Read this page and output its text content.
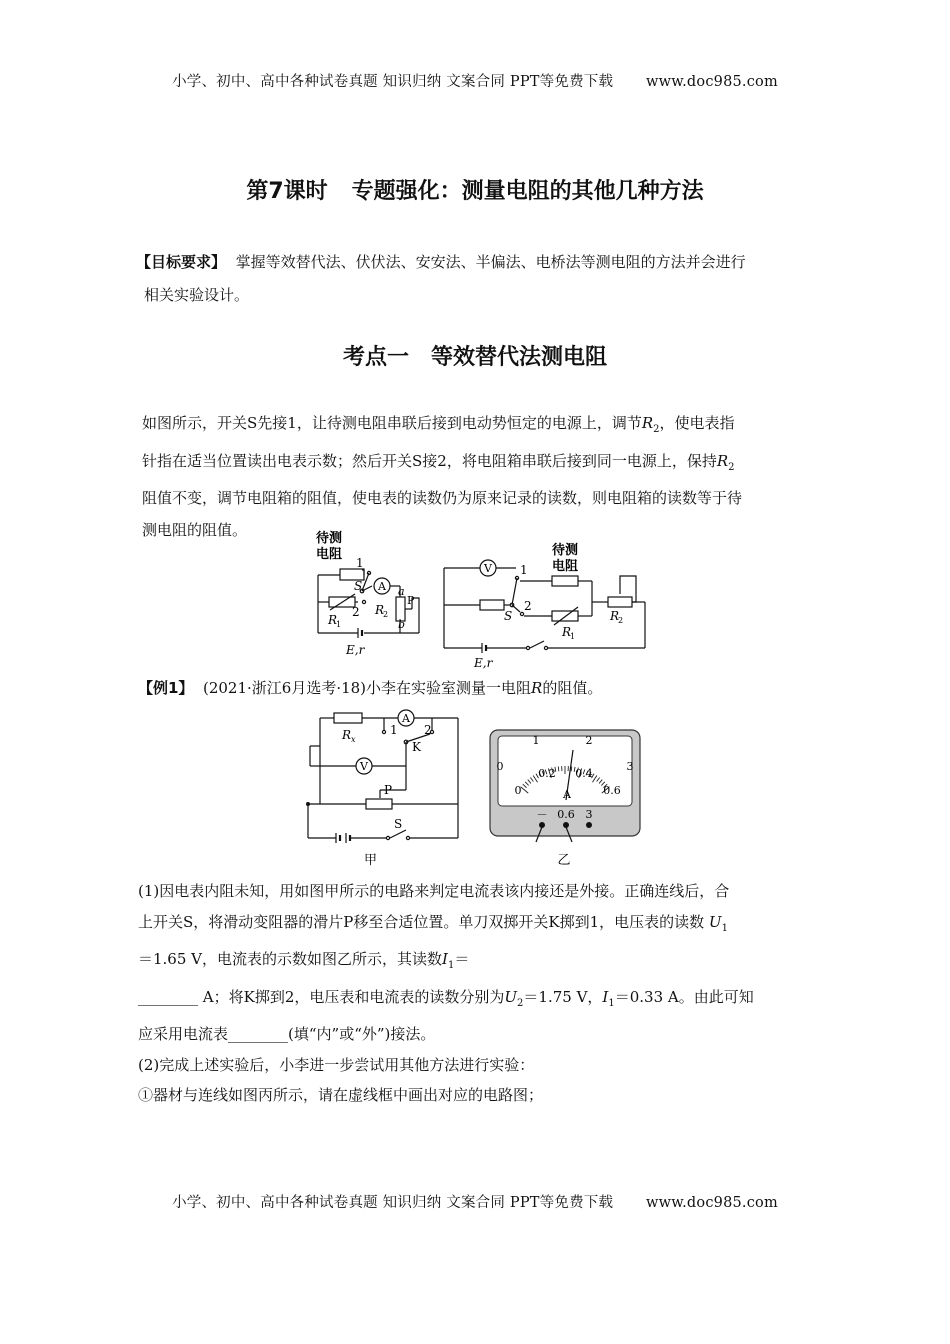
小学、初中、高中各种试卷真题 知识归纳 文案合同 PPT等免费下载 www.doc985.com
第7课时 专题强化：测量电阻的其他几种方法
【目标要求】 掌握等效替代法、伏伏法、安安法、半偏法、电桥法等测电阻的方法并会进行
相关实验设计。
考点一 等效替代法测电阻

如图所示，开关S先接1，让待测电阻串联后接到电动势恒定的电源上，调节$R_2$，使电表指

针指在适当位置读出电表示数；然后开关S接2，将电阻箱串联后接到同一电源上，保持$R_2$

阻值不变，调节电阻箱的阻值，使电表的读数仍为原来记录的读数，则电阻箱的读数等于待

测电阻的阻值。	待测
电阻
1
S
2
A
R
1
R
2
a
P
b
E,r
待测
电阻
V 1
S
2
R
1
R
2
E,r
【例1】 (2021·浙江6月选考·18)小李在实验室测量一电阻R的阻值。
R x
A
V
1 2
K
P
S
甲
1	2
0	3
0
0.2 0.4
0.6
A
－ 0.6 3
乙

(1)因电表内阻未知，用如图甲所示的电路来判定电流表该内接还是外接。正确连线后，合

上开关S，将滑动变阻器的滑片P移至合适位置。单刀双掷开关K掷到1，电压表的读数 $U_1$

＝1.65 V，电流表的示数如图乙所示，其读数$I_1=$

________ A；将K掷到2，电压表和电流表的读数分别为$U_2=1.75$ V，$I_1=0.33$ A。由此可知

应采用电流表________(填“内”或“外”)接法。

(2)完成上述实验后，小李进一步尝试用其他方法进行实验：

①器材与连线如图丙所示，请在虚线框中画出对应的电路图；

小学、初中、高中各种试卷真题 知识归纳 文案合同 PPT等免费下载 www.doc985.com
